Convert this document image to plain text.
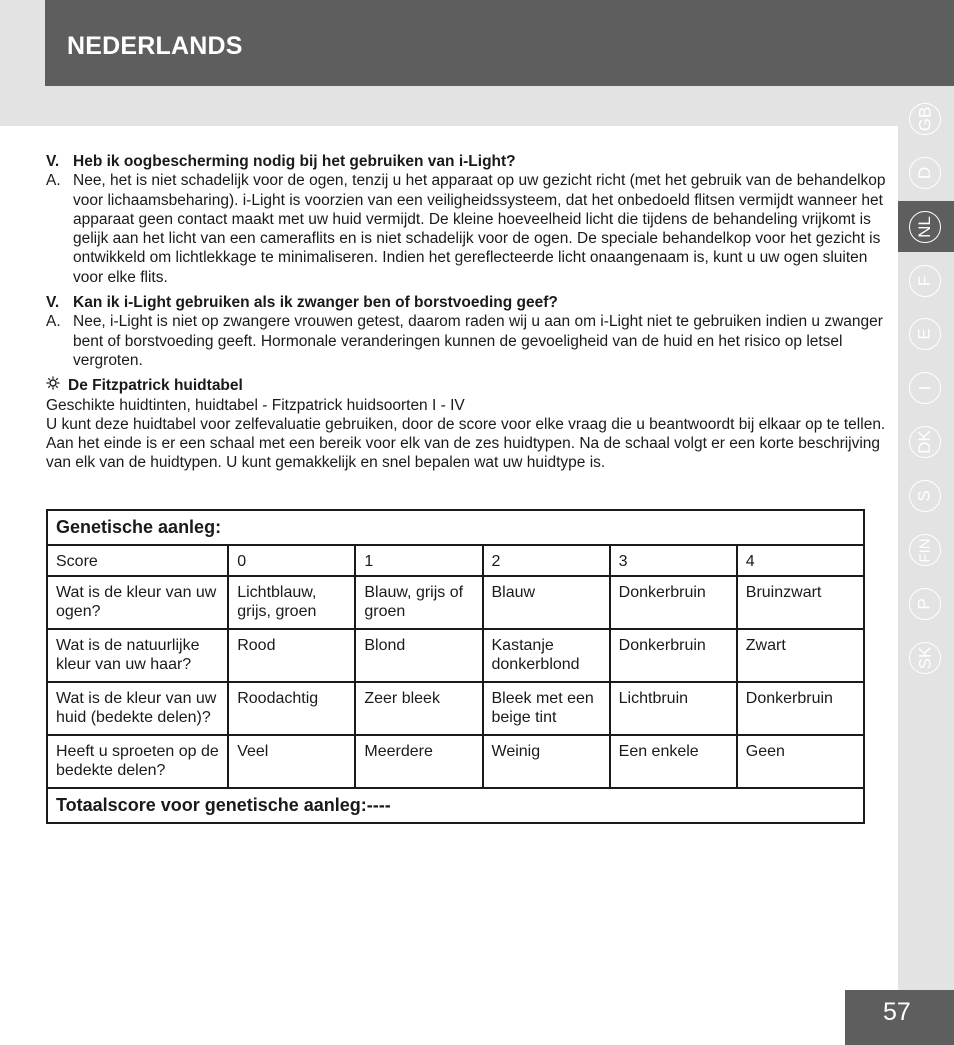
NEDERLANDS
GB
D
NL
F
E
I
DK
S
FIN
P
SK
57
V. Heb ik oogbescherming nodig bij het gebruiken van i-Light?
A. Nee, het is niet schadelijk voor de ogen, tenzij u het apparaat op uw gezicht richt (met het gebruik van de behandelkop voor lichaamsbeharing). i-Light is voorzien van een veiligheidssysteem, dat het onbedoeld flitsen vermijdt wanneer het apparaat geen contact maakt met uw huid vermijdt. De kleine hoeveelheid licht die tijdens de behandeling vrijkomt is gelijk aan het licht van een cameraflits en is niet schadelijk voor de ogen. De speciale behandelkop voor het gezicht is ontwikkeld om lichtlekkage te minimaliseren. Indien het gereflecteerde licht onaangenaam is, kunt u uw ogen sluiten voor elke flits.
V. Kan ik i-Light gebruiken als ik zwanger ben of borstvoeding geef?
A. Nee, i-Light is niet op zwangere vrouwen getest, daarom raden wij u aan om i-Light niet te gebruiken indien u zwanger bent of borstvoeding geeft. Hormonale veranderingen kunnen de gevoeligheid van de huid en het risico op letsel vergroten.
De Fitzpatrick huidtabel
Geschikte huidtinten, huidtabel - Fitzpatrick huidsoorten I - IV
U kunt deze huidtabel voor zelfevaluatie gebruiken, door de score voor elke vraag die u beantwoordt bij elkaar op te tellen. Aan het einde is er een schaal met een bereik voor elk van de zes huidtypen. Na de schaal volgt er een korte beschrijving van elk van de huidtypen. U kunt gemakkelijk en snel bepalen wat uw huidtype is.
Genetische aanleg:					
Score	0	1	2	3	4
Wat is de kleur van uw ogen?	Lichtblauw, grijs, groen	Blauw, grijs of groen	Blauw	Donkerbruin	Bruinzwart
Wat is de natuurlijke kleur van uw haar?	Rood	Blond	Kastanje donkerblond	Donkerbruin	Zwart
Wat is de kleur van uw huid (bedekte delen)?	Roodachtig	Zeer bleek	Bleek met een beige tint	Lichtbruin	Donkerbruin
Heeft u sproeten op de bedekte delen?	Veel	Meerdere	Weinig	Een enkele	Geen
Totaalscore voor genetische aanleg:----					
